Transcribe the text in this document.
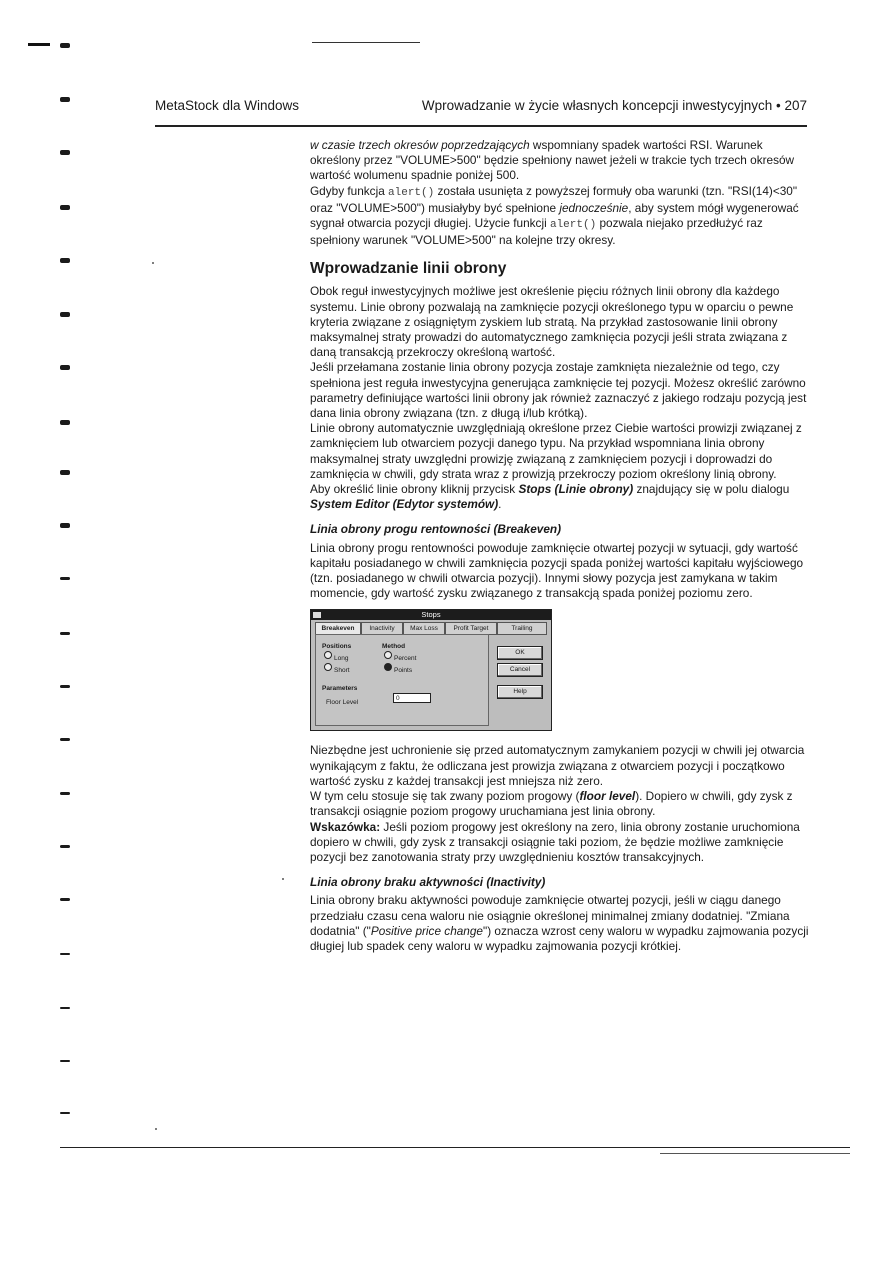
MetaStock dla Windows	Wprowadzanie w życie własnych koncepcji inwestycyjnych • 207

w czasie trzech okresów poprzedzających wspomniany spadek wartości RSI. Warunek określony przez "VOLUME>500" będzie spełniony nawet jeżeli w trakcie tych trzech okresów wartość wolumenu spadnie poniżej 500.

Gdyby funkcja alert() została usunięta z powyższej formuły oba warunki (tzn. "RSI(14)<30" oraz "VOLUME>500") musiałyby być spełnione jednocześnie, aby system mógł wygenerować sygnał otwarcia pozycji długiej. Użycie funkcji alert() pozwala niejako przedłużyć raz spełniony warunek "VOLUME>500" na kolejne trzy okresy.

Wprowadzanie linii obrony

Obok reguł inwestycyjnych możliwe jest określenie pięciu różnych linii obrony dla każdego systemu. Linie obrony pozwalają na zamknięcie pozycji określonego typu w oparciu o pewne kryteria związane z osiągniętym zyskiem lub stratą. Na przykład zastosowanie linii obrony maksymalnej straty prowadzi do automatycznego zamknięcia pozycji jeśli strata związana z daną transakcją przekroczy określoną wartość.

Jeśli przełamana zostanie linia obrony pozycja zostaje zamknięta niezależnie od tego, czy spełniona jest reguła inwestycyjna generująca zamknięcie tej pozycji. Możesz określić zarówno parametry definiujące wartości linii obrony jak również zaznaczyć z jakiego rodzaju pozycją jest dana linia obrony związana (tzn. z długą i/lub krótką).

Linie obrony automatycznie uwzględniają określone przez Ciebie wartości prowizji związanej z zamknięciem lub otwarciem pozycji danego typu. Na przykład wspomniana linia obrony maksymalnej straty uwzględni prowizję związaną z zamknięciem pozycji i doprowadzi do zamknięcia w chwili, gdy strata wraz z prowizją przekroczy poziom określony linią obrony.

Aby określić linie obrony kliknij przycisk Stops (Linie obrony) znajdujący się w polu dialogu System Editor (Edytor systemów).

Linia obrony progu rentowności (Breakeven)

Linia obrony progu rentowności powoduje zamknięcie otwartej pozycji w sytuacji, gdy wartość kapitału posiadanego w chwili zamknięcia pozycji spada poniżej wartości kapitału wyjściowego (tzn. posiadanego w chwili otwarcia pozycji). Innymi słowy pozycja jest zamykana w takim momencie, gdy wartość zysku związanego z transakcją spada poniżej poziomu zero.

Stops
Breakeven	Inactivity	Max Loss	Profit Target	Trailing
Positions
Long
Short
Method
Percent
Points
Parameters
Floor Level
0
OK
Cancel
Help

Niezbędne jest uchronienie się przed automatycznym zamykaniem pozycji w chwili jej otwarcia wynikającym z faktu, że odliczana jest prowizja związana z otwarciem pozycji i początkowo wartość zysku z każdej transakcji jest mniejsza niż zero.

W tym celu stosuje się tak zwany poziom progowy (floor level). Dopiero w chwili, gdy zysk z transakcji osiągnie poziom progowy uruchamiana jest linia obrony.

Wskazówka: Jeśli poziom progowy jest określony na zero, linia obrony zostanie uruchomiona dopiero w chwili, gdy zysk z transakcji osiągnie taki poziom, że będzie możliwe zamknięcie pozycji bez zanotowania straty przy uwzględnieniu kosztów transakcyjnych.

Linia obrony braku aktywności (Inactivity)

Linia obrony braku aktywności powoduje zamknięcie otwartej pozycji, jeśli w ciągu danego przedziału czasu cena waloru nie osiągnie określonej minimalnej zmiany dodatniej. "Zmiana dodatnia" ("Positive price change") oznacza wzrost ceny waloru w wypadku zajmowania pozycji długiej lub spadek ceny waloru w wypadku zajmowania pozycji krótkiej.
